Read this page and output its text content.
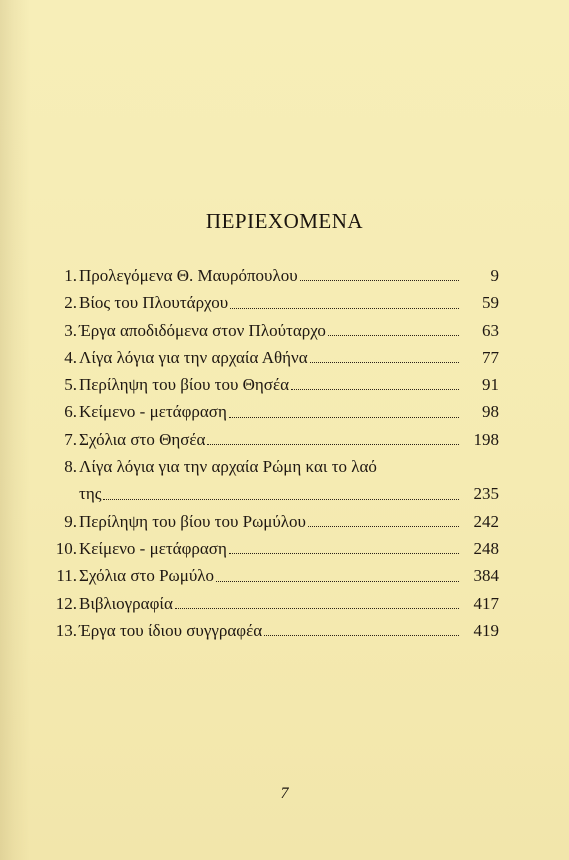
ΠΕΡΙΕΧΟΜΕΝΑ
1. Προλεγόμενα Θ. Μαυρόπουλου	9
2. Βίος του Πλουτάρχου	59
3. Έργα αποδιδόμενα στον Πλούταρχο	63
4. Λίγα λόγια για την αρχαία Αθήνα	77
5. Περίληψη του βίου του Θησέα	91
6. Κείμενο - μετάφραση	98
7. Σχόλια στο Θησέα	198
8. Λίγα λόγια για την αρχαία Ρώμη και το λαό
της	235
9. Περίληψη του βίου του Ρωμύλου	242
10. Κείμενο - μετάφραση	248
11. Σχόλια στο Ρωμύλο	384
12. Βιβλιογραφία	417
13. Έργα του ίδιου συγγραφέα	419
7
